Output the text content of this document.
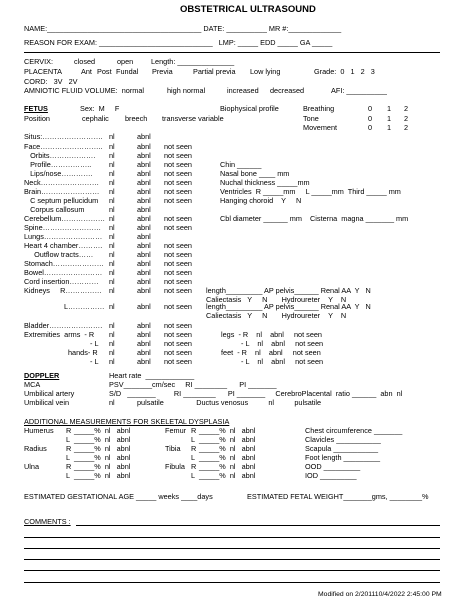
OBSTETRICAL ULTRASOUND
NAME:______________________________________ DATE: __________ MR #:_____________
REASON FOR EXAM: ____________________________   LMP: _____ EDD _____ GA _____
CERVIX:	closed	open Length: ______________
PLACENTA	Ant Post Fundal Previa	Partial previa Low lying	Grade:  0   1   2   3
CORD:   3V   2V
AMNIOTIC FLUID VOLUME:  normal	high normal	increased decreased	AFI: __________
FETUS	Sex:  M     F	Biophysical profile
Position	cephalic breech transverse variable
Breathing	0 1 2
Tone	0 1 2
Movement	0 1 2
Situs:……………………. nl	abnl
Face…………………….. nl	abnl not seen
Orbits………………. nl	abnl not seen
Profile…………….. nl	abnl not seen
Lips/nose…………. nl	abnl not seen
Neck…………………… nl	abnl not seen
Brain…………………… nl	abnl not seen
C septum pellucidum nl	abnl not seen
Corpus callosum	nl	abnl
Cerebellum……………… nl	abnl not seen
Spine…………………… nl	abnl not seen
Lungs…………………… nl	abnl
Heart 4 chamber………. nl	abnl not seen
Outflow tracts…… nl	abnl not seen
Stomach………………… nl	abnl not seen
Bowel…………………… nl	abnl not seen
Cord insertion………… nl	abnl not seen
Chin ______
Nasal bone ____ mm
Nuchal thickness _____mm
Ventricles  R _____mm     L _____mm  Third _____ mm
Hanging choroid    Y     N
Cbl diameter ______ mm    Cisterna  magna _______ mm
Kidneys     R…………… nl	abnl not seen length_________ AP pelvis______ Renal AA  Y   N
Caliectasis   Y     N       Hydroureter    Y    N
L…………… nl	abnl not seen length_________ AP pelvis______ Renal AA  Y   N
Caliectasis   Y     N       Hydroureter    Y    N
Bladder…………………. nl	abnl not seen
Extremities  arms  - R nl	abnl not seen	legs  - R    nl    abnl     not seen
- L nl	abnl not seen	- L    nl    abnl     not seen
hands- R nl	abnl not seen	feet  - R    nl    abnl     not seen
- L nl	abnl not seen	- L    nl    abnl     not seen
DOPPLER	Heart rate  ____________
MCA	PSV_______cm/sec     RI ________      PI _______
Umbilical artery	S/D   _______         RI ________      PI _______     CerebroPlacental  ratio ______  abn  nl
Umbilical vein	nl           pulsatile                Ductus venosus          nl          pulsatile
ADDITIONAL MEASUREMENTS FOR SKELETAL DYSPLASIA
Humerus R _____%  nl   abnl	Femur R _____%  nl   abnl	Chest circumference _______
L _____%  nl   abnl	L _____%  nl   abnl	Clavicles ___________
Radius	R _____%  nl   abnl	Tibia R _____%  nl   abnl	Scapula ___________
L _____%  nl   abnl	L _____%  nl   abnl	Foot length _________
Ulna	R _____%  nl   abnl	Fibula R _____%  nl   abnl	OOD _________
L _____%  nl   abnl	L _____%  nl   abnl	IOD _________
ESTIMATED GESTATIONAL AGE _____ weeks ____days	ESTIMATED FETAL WEIGHT_______gms, ________%
COMMENTS :
Modified on 2/201110/4/2022 2:45:00 PM
